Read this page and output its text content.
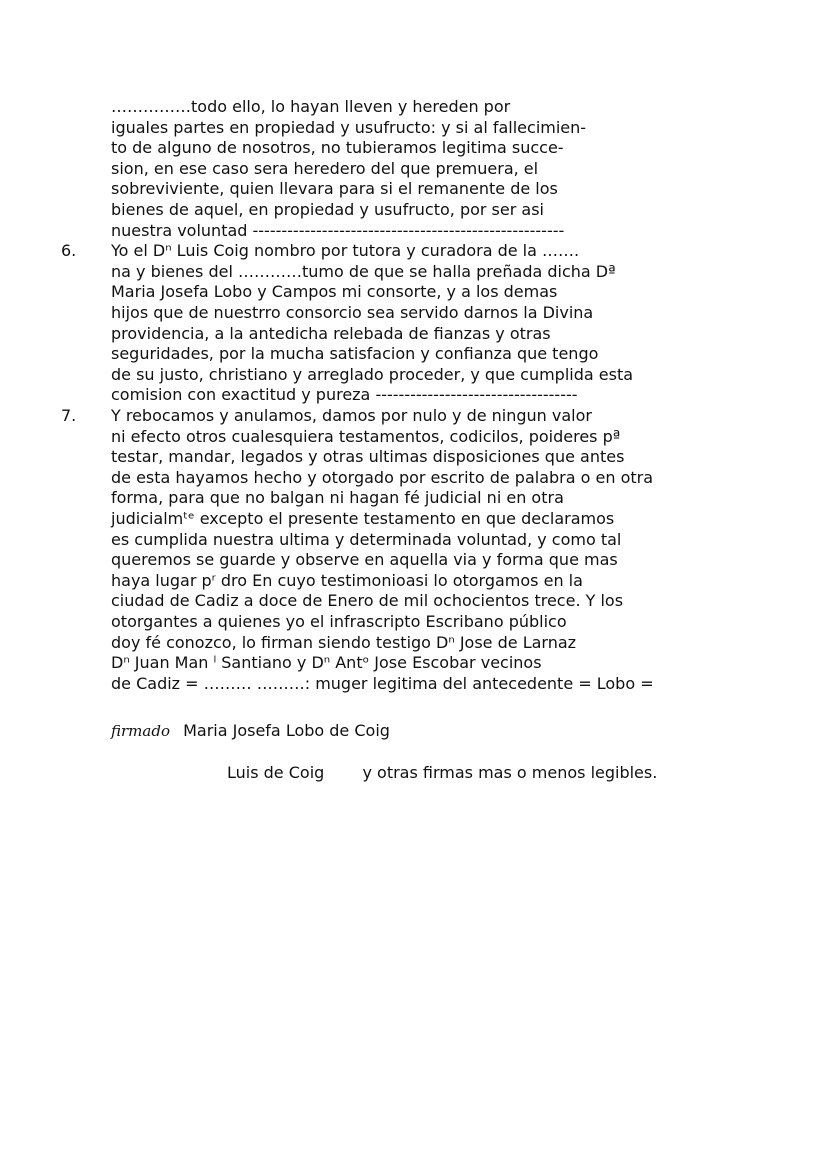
……………todo ello, lo hayan lleven y hereden por
iguales partes en propiedad y usufructo: y si al fallecimien-
to de alguno de nosotros, no tubieramos legitima succe-
sion, en ese caso sera heredero del que premuera, el
sobreviviente, quien llevara para si el remanente de los
bienes de aquel, en propiedad y usufructo, por ser asi
nuestra voluntad ------------------------------------------------------
6. Yo el Dⁿ Luis Coig nombro por tutora y curadora de la …….
na y bienes del …………tumo de que se halla preñada dicha Dª
Maria Josefa Lobo y Campos mi consorte, y a los demas
hijos que de nuestrro consorcio sea servido darnos la Divina
providencia, a la antedicha relebada de fianzas y otras
seguridades, por la mucha satisfacion y confianza que tengo
de su justo, christiano y arreglado proceder, y que cumplida esta
comision con exactitud y pureza -----------------------------------
7. Y rebocamos y anulamos, damos por nulo y de ningun valor
ni efecto otros cualesquiera testamentos, codicilos, poideres pª
testar, mandar, legados y otras ultimas disposiciones que antes
de esta hayamos hecho y otorgado por escrito de palabra o en otra
forma, para que no balgan ni hagan fé judicial ni en otra
judicialmᵗᵉ excepto el presente testamento en que declaramos
es cumplida nuestra ultima y determinada voluntad, y como tal
queremos se guarde y observe en aquella via y forma que mas
haya lugar pʳ dro En cuyo testimonioasi lo otorgamos en la
ciudad de Cadiz a doce de Enero de mil ochocientos trece. Y los
otorgantes a quienes yo el infrascripto Escribano público
doy fé conozco, lo firman siendo testigo Dⁿ Jose de Larnaz
Dⁿ Juan Man ˡ Santiano y Dⁿ Antᵒ Jose Escobar vecinos
de Cadiz = ……… ………: muger legitima del antecedente = Lobo =
firmado Maria Josefa Lobo de Coig
Luis de Coig y otras firmas mas o menos legibles.
